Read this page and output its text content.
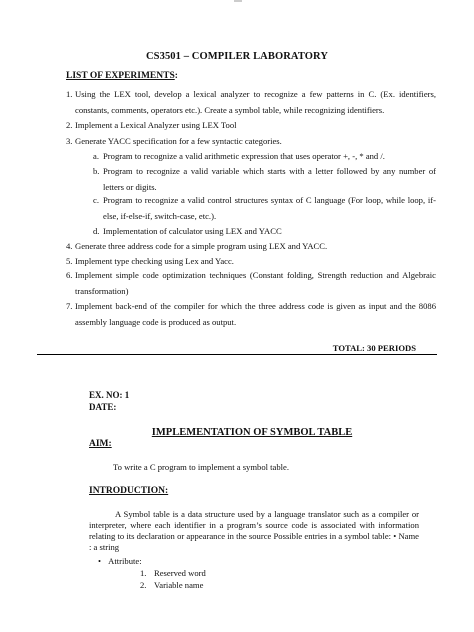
CS3501 – COMPILER LABORATORY
LIST OF EXPERIMENTS:
1. Using the LEX tool, develop a lexical analyzer to recognize a few patterns in C. (Ex. identifiers, constants, comments, operators etc.). Create a symbol table, while recognizing identifiers.
2. Implement a Lexical Analyzer using LEX Tool
3. Generate YACC specification for a few syntactic categories.
a. Program to recognize a valid arithmetic expression that uses operator +, -, * and /.
b. Program to recognize a valid variable which starts with a letter followed by any number of letters or digits.
c. Program to recognize a valid control structures syntax of C language (For loop, while loop, if-else, if-else-if, switch-case, etc.).
d. Implementation of calculator using LEX and YACC
4. Generate three address code for a simple program using LEX and YACC.
5. Implement type checking using Lex and Yacc.
6. Implement simple code optimization techniques (Constant folding, Strength reduction and Algebraic transformation)
7. Implement back-end of the compiler for which the three address code is given as input and the 8086 assembly language code is produced as output.
TOTAL: 30 PERIODS
EX. NO: 1
DATE:
IMPLEMENTATION OF SYMBOL TABLE
AIM:
To write a C program to implement a symbol table.
INTRODUCTION:
A Symbol table is a data structure used by a language translator such as a compiler or interpreter, where each identifier in a program’s source code is associated with information relating to its declaration or appearance in the source Possible entries in a symbol table: • Name : a string
• Attribute:
1. Reserved word
2. Variable name
